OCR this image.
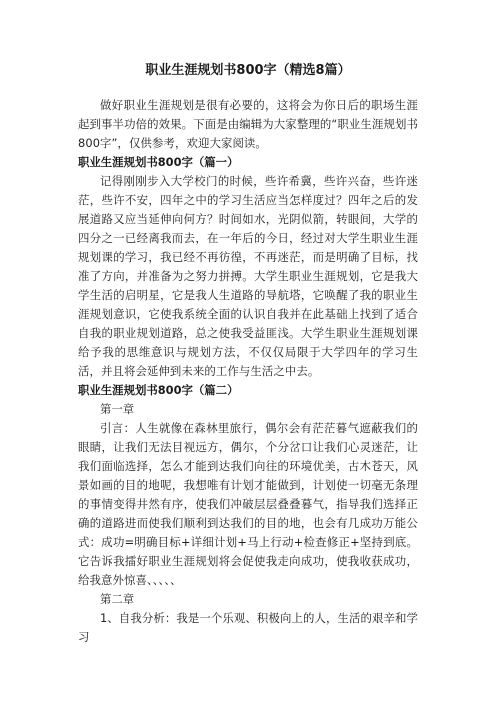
职业生涯规划书800字（精选8篇）

做好职业生涯规划是很有必要的，这将会为你日后的职场生涯起到事半功倍的效果。下面是由编辑为大家整理的“职业生涯规划书800字”，仅供参考，欢迎大家阅读。

职业生涯规划书800字（篇一）

记得刚刚步入大学校门的时候，些许希冀，些许兴奋，些许迷茫，些许不安，四年之中的学习生活应当怎样度过？四年之后的发展道路又应当延伸向何方？时间如水，光阴似箭，转眼间，大学的四分之一已经离我而去，在一年后的今日，经过对大学生职业生涯规划课的学习，我已经不再彷徨，不再迷茫，而是明确了目标，找准了方向，并准备为之努力拼搏。大学生职业生涯规划，它是我大学生活的启明星，它是我人生道路的导航塔，它唤醒了我的职业生涯规划意识，它使我系统全面的认识自我并在此基础上找到了适合自我的职业规划道路，总之使我受益匪浅。大学生职业生涯规划课给予我的思维意识与规划方法，不仅仅局限于大学四年的学习生活，并且将会延伸到未来的工作与生活之中去。

职业生涯规划书800字（篇二）
第一章

引言：人生就像在森林里旅行，偶尔会有茫茫暮气遮蔽我们的眼睛，让我们无法目视远方，偶尔，个分岔口让我们心灵迷茫，让我们面临选择，怎么才能到达我们向往的环境优美，古木苍天，风景如画的目的地呢，我想唯有计划才能做到，计划使一切毫无条理的事情变得井然有序，使我们冲破层层叠叠暮气，指导我们选择正确的道路进而使我们顺利到达我们的目的地，也会有几成功万能公式：成功=明确目标+详细计划+马上行动+检查修正+坚持到底。它告诉我擂好职业生涯规划将会促使我走向成功，使我收获成功，给我意外惊喜、、、、、

第二章

1、自我分析：我是一个乐观、积极向上的人，生活的艰辛和学习
